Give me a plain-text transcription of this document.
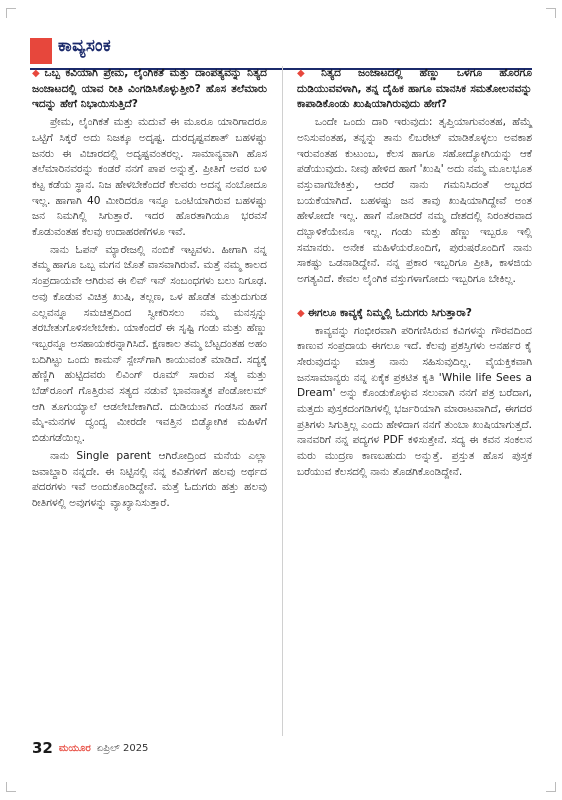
ಕಾವ್ಯಸಂಕ

◆ ಒಬ್ಬ ಕವಿಯಾಗಿ ಪ್ರೇಮ, ಲೈಂಗಿಕತೆ ಮತ್ತು ದಾಂಪತ್ಯವನ್ನು ನಿತ್ಯದ ಜಂಜಾಟದಲ್ಲಿ ಯಾವ ರೀತಿ ವಿಂಗಡಿಸಿಕೊಳ್ಳುತ್ತೀರಿ? ಹೊಸ ತಲೆಮಾರು ಇದನ್ನು ಹೇಗೆ ನಿಭಾಯಿಸುತ್ತಿದೆ?

ಪ್ರೇಮ, ಲೈಂಗಿಕತೆ ಮತ್ತು ಮದುವೆ ಈ ಮೂರೂ ಯಾರಿಗಾದರೂ ಒಟ್ಟಿಗೆ ಸಿಕ್ಕರೆ ಅದು ನಿಜಕ್ಕೂ ಅದೃಷ್ಟ. ದುರದೃಷ್ಟವಶಾತ್ ಬಹಳಷ್ಟು ಜನರು ಈ ವಿಚಾರದಲ್ಲಿ ಅದೃಷ್ಟವಂತರಲ್ಲ. ಸಾಮಾನ್ಯವಾಗಿ ಹೊಸ ತಲೆಮಾರಿನವರನ್ನು ಕಂಡರೆ ನನಗೆ ಪಾಪ ಅನ್ನುತ್ತೆ. ಪ್ರೀತಿಗೆ ಅವರ ಬಳಿ ಕಟ್ಟ ಕಡೆಯ ಸ್ಥಾನ. ನಿಜ ಹೇಳಬೇಕೆಂದರೆ ಕೆಲವರು ಅದನ್ನ ನಂಬೋದೂ ಇಲ್ಲ. ಹಾಗಾಗಿ 40 ಮೀರಿದರೂ ಇನ್ನೂ ಒಂಟಿಯಾಗಿರುವ ಬಹಳಷ್ಟು ಜನ ನಿಮಗಿಲ್ಲಿ ಸಿಗುತ್ತಾರೆ. ಇದರ ಹೊರತಾಗಿಯೂ ಭರವಸೆ ಕೊಡುವಂತಹ ಕೆಲವು ಉದಾಹರಣೆಗಳೂ ಇವೆ.

ನಾನು ಓಪನ್ ಮ್ಯಾರೇಜಲ್ಲಿ ನಂಬಿಕೆ ಇಟ್ಟವಳು. ಹೀಗಾಗಿ ನನ್ನ ತಮ್ಮ ಹಾಗೂ ಒಬ್ಬ ಮಗನ ಜೊತೆ ವಾಸವಾಗಿರುವೆ. ಮತ್ತೆ ನಮ್ಮ ಕಾಲದ ಸಂಪ್ರದಾಯವೇ ಆಗಿರುವ ಈ ಲಿವ್ ಇನ್ ಸಂಬಂಧಗಳು ಬಲು ನಿಗೂಢ. ಅವು ಕೊಡುವ ವಿಚಿತ್ರ ಖುಷಿ, ತಲ್ಲಣ, ಒಳ ಹೊಡೆತ ಮತ್ತುದುಗುಡ ಎಲ್ಲವನ್ನೂ ಸಮಚಿತ್ತದಿಂದ ಸ್ವೀಕರಿಸಲು ನಮ್ಮ ಮನಸ್ಸನ್ನು ತರಬೇತುಗೊಳಿಸಲೇಬೇಕು. ಯಾಕೆಂದರೆ ಈ ಸೃಷ್ಟಿ ಗಂಡು ಮತ್ತು ಹೆಣ್ಣು ಇಬ್ಬರನ್ನೂ ಅಸಹಾಯಕರನ್ನಾಗಿಸಿದೆ. ಕ್ಷಣಕಾಲ ತಮ್ಮ ಬೆಟ್ಟದಂತಹ ಅಹಂ ಬದಿಗಿಟ್ಟು ಒಂದು ಕಾಮನ್ ಸ್ಪೇಸ್‌ಗಾಗಿ ಕಾಯುವಂತೆ ಮಾಡಿದೆ. ಸದ್ಯಕ್ಕೆ ಹೆಣ್ಣಿಗಿ ಹುಟ್ಟಿದವರು ಲಿವಿಂಗ್ ರೂಮ್ ಸಾರುವ ಸತ್ಯ ಮತ್ತು ಬೆಡ್‌ರೂಂಗೆ ಗೊತ್ತಿರುವ ಸತ್ಯದ ನಡುವೆ ಭಾವನಾತ್ಮಕ ಪೆಂಡೋಲಮ್ ಆಗಿ ತೂಗುಯ್ಯಾಲೆ ಆಡಲೇಬೇಕಾಗಿದೆ. ದುಡಿಯುವ ಗಂಡಸಿನ ಹಾಗೆ ಮೈ-ಮನಗಳ ದ್ವಂದ್ವ ಮೀರದೇ ಇವತ್ತಿನ ಬಿಡ್ಯೋಗಿಕ ಮಹಿಳೆಗೆ ಬಿಡುಗಡೆಯಿಲ್ಲ.

ನಾನು Single parent ಆಗಿರೋದ್ರಿಂದ ಮನೆಯ ಎಲ್ಲಾ ಜವಾಬ್ದಾರಿ ನನ್ನದೇ. ಈ ನಿಟ್ಟಿನಲ್ಲಿ ನನ್ನ ಕವಿತೆಗಳಿಗೆ ಹಲವು ಅರ್ಥದ ಪದರಗಳು ಇವೆ ಅಂದುಕೊಂಡಿದ್ದೇನೆ. ಮತ್ತೆ ಓದುಗರು ಹತ್ತು ಹಲವು ರೀತಿಗಳಲ್ಲಿ ಅವುಗಳನ್ನು ವ್ಯಾಖ್ಯಾನಿಸುತ್ತಾರೆ.

◆ ನಿತ್ಯದ ಜಂಜಾಟದಲ್ಲಿ ಹೆಣ್ಣು ಒಳಗೂ ಹೊರಗೂ ದುಡಿಯುವವಳಾಗಿ, ತನ್ನ ದೈಹಿಕ ಹಾಗೂ ಮಾನಸಿಕ ಸಮತೋಲನವನ್ನು ಕಾಪಾಡಿಕೊಂಡು ಖುಷಿಯಾಗಿರುವುದು ಹೇಗೆ?

ಒಂದೇ ಒಂದು ದಾರಿ ಇರುವುದು: ತೃಪ್ತಿಯಾಗುವಂತಹ, ಹೆಮ್ಮೆ ಅನಿಸುವಂತಹ, ತನ್ನನ್ನು ತಾನು ಲಿಬರೇಟ್ ಮಾಡಿಕೊಳ್ಳಲು ಅವಕಾಶ ಇರುವಂತಹ ಕುಟುಂಬ, ಕೆಲಸ ಹಾಗೂ ಸಹೋದ್ಯೋಗಿಯನ್ನು ಆಕೆ ಪಡೆಯುವುದು. ನೀವು ಹೇಳಿದ ಹಾಗೆ 'ಖುಷಿ' ಅದು ನಮ್ಮ ಮೂಲಭೂತ ವಸ್ತುವಾಗಬೇಕಿತ್ತು, ಆದರೆ ನಾನು ಗಮನಿಸಿದಂತೆ ಅಬ್ಬರದ ಬಯಕೆಯಾಗಿದೆ. ಬಹಳಷ್ಟು ಜನ ತಾವು ಖುಷಿಯಾಗಿದ್ದೇವೆ ಅಂತ ಹೇಳೋದೇ ಇಲ್ಲ. ಹಾಗೆ ನೋಡಿದರೆ ನಮ್ಮ ದೇಶದಲ್ಲಿ ನಿರಂತರವಾದ ದಬ್ಬಾಳಿಕೆಯೇನೂ ಇಲ್ಲ. ಗಂಡು ಮತ್ತು ಹೆಣ್ಣು ಇಬ್ಬರೂ ಇಲ್ಲಿ ಸಮಾನರು. ಅನೇಕ ಮಹಿಳೆಯರೊಂದಿಗೆ, ಪುರುಷರೊಂದಿಗೆ ನಾನು ಸಾಕಷ್ಟು ಒಡನಾಡಿದ್ದೇನೆ. ನನ್ನ ಪ್ರಕಾರ ಇಬ್ಬರಿಗೂ ಪ್ರೀತಿ, ಕಾಳಜಿಯ ಅಗತ್ಯವಿದೆ. ಕೇವಲ ಲೈಂಗಿಕ ವಸ್ತುಗಳಾಗೋದು ಇಬ್ಬರಿಗೂ ಬೇಕಿಲ್ಲ.

◆ ಈಗಲೂ ಕಾವ್ಯಕ್ಕೆ ನಿಮ್ಮಲ್ಲಿ ಓದುಗರು ಸಿಗುತ್ತಾರಾ?

ಕಾವ್ಯವನ್ನು ಗಂಭೀರವಾಗಿ ಪರಿಗಣಿಸಿರುವ ಕವಿಗಳನ್ನು ಗೌರವದಿಂದ ಕಾಣುವ ಸಂಪ್ರದಾಯ ಈಗಲೂ ಇದೆ. ಕೆಲವು ಪ್ರಶಸ್ತಿಗಳು ಅನರ್ಹರ ಕೈ ಸೇರುವುದನ್ನು ಮಾತ್ರ ನಾನು ಸಹಿಸುವುದಿಲ್ಲ. ವೈಯಕ್ತಿಕವಾಗಿ ಜನಸಾಮಾನ್ಯರು ನನ್ನ ಏಕೈಕ ಪ್ರಕಟಿತ ಕೃತಿ 'While life Sees a Dream' ಅನ್ನು ಕೊಂಡುಕೊಳ್ಳುವ ಸಲುವಾಗಿ ನನಗೆ ಪತ್ರ ಬರೆದಾಗ, ಮತ್ತದು ಪುಸ್ತಕದಂಗಡಿಗಳಲ್ಲಿ ಭರ್ಜರಿಯಾಗಿ ಮಾರಾಟವಾಗಿದೆ, ಈಗದರ ಪ್ರತಿಗಳು ಸಿಗುತ್ತಿಲ್ಲ ಎಂದು ಹೇಳಿದಾಗ ನನಗೆ ತುಂಬಾ ಖುಷಿಯಾಗುತ್ತದೆ. ನಾನವರಿಗೆ ನನ್ನ ಪದ್ಯಗಳ PDF ಕಳಿಸುತ್ತೇನೆ. ಸದ್ಯ ಈ ಕವನ ಸಂಕಲನ ಮರು ಮುದ್ರಣ ಕಾಣಬಹುದು ಅನ್ನುತ್ತೆ. ಪ್ರಸ್ತುತ ಹೊಸ ಪುಸ್ತಕ ಬರೆಯುವ ಕೆಲಸದಲ್ಲಿ ನಾನು ತೊಡಗಿಕೊಂಡಿದ್ದೇನೆ.

32 ಮಯೂರ ಏಪ್ರಿಲ್ 2025
